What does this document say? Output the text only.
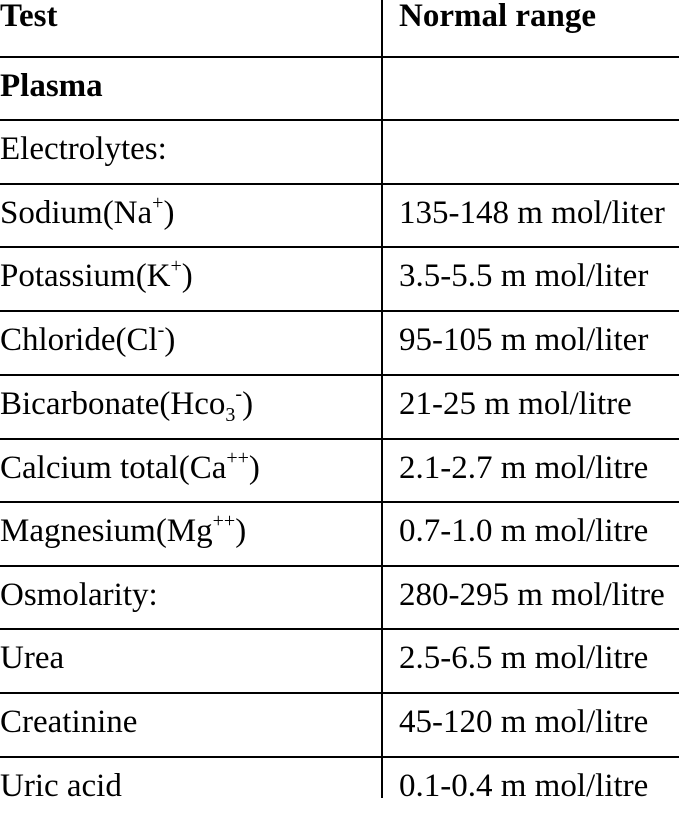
Test	Normal range
Plasma
Electrolytes:
Sodium(Na+)	135-148 m mol/liter
Potassium(K+)	3.5-5.5 m mol/liter
Chloride(Cl-)	95-105 m mol/liter
Bicarbonate(Hco$_3$-)	21-25 m mol/litre
Calcium total(Ca++)	2.1-2.7 m mol/litre
Magnesium(Mg++)	0.7-1.0 m mol/litre
Osmolarity:	280-295 m mol/litre
Urea	2.5-6.5 m mol/litre
Creatinine	45-120 m mol/litre
Uric acid	0.1-0.4 m mol/litre
